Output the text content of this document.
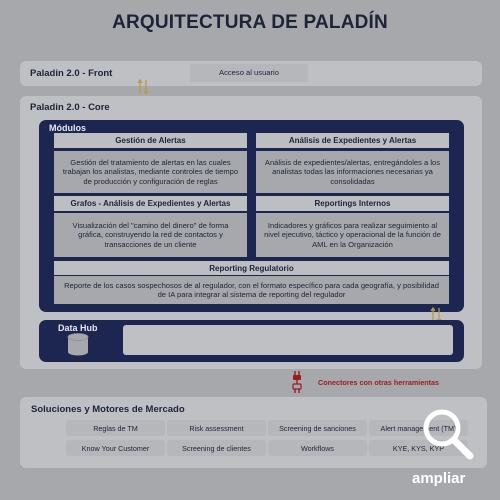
ARQUITECTURA DE PALADÍN
Paladin 2.0 - Front	Acceso al usuario
Paladin 2.0 - Core
Módulos
Gestión de Alertas
Gestión del tratamiento de alertas en las cuales trabajan los analistas, mediante controles de tiempo de producción y configuración de reglas
Análisis de Expedientes y Alertas
Análisis de expedientes/alertas, entregándoles a los analistas todas las informaciones necesarias ya consolidadas
Grafos - Análisis de Expedientes y Alertas
Visualización del "camino del dinero" de forma gráfica, construyendo la red de contactos y transacciones de un cliente
Reportings Internos
Indicadores y gráficos para realizar seguimiento al nivel ejecutivo, táctico y operacional de la función de AML en la Organización
Reporting Regulatorio
Reporte de los casos sospechosos de al regulador, con el formato específico para cada geografía, y posibilidad de IA para integrar al sistema de reporting del regulador
Data Hub
Conectores con otras herramientas
Soluciones y Motores de Mercado
Reglas de TM	Risk assessment	Screening de sanciones	Alert management (TM)
Know Your Customer	Screening de clientes	Workflows	KYE, KYS, KYP
ampliar
